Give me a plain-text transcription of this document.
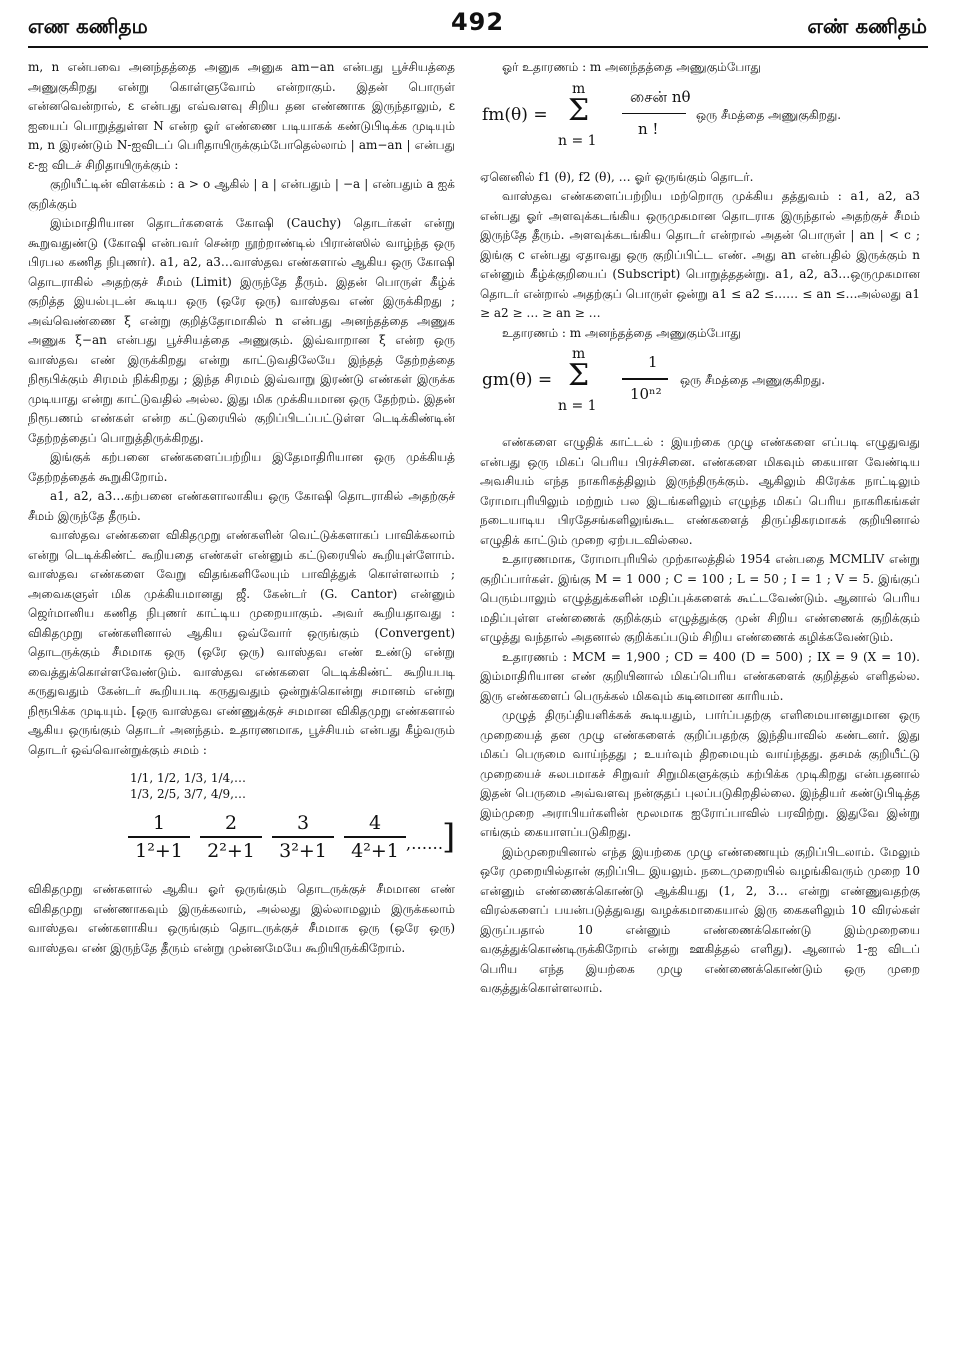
எண கணிதம	492	எண் கணிதம்

m, n என்பவை அனந்தத்தை அனுக அனுக am−an என்பது பூச்சியத்தை அணுகுகிறது என்று கொள்ளுவோம் என்றாகும். இதன் பொருள் என்னவென்றால், ε என்பது எவ்வளவு சிறிய தன எண்ணாக இருந்தாலும், ε ஐயைப் பொறுத்துள்ள N என்ற ஓர் எண்ணை படியாகக் கண்டுபிடிக்க முடியும் m, n இரண்டும் N-ஐவிடப் பெரிதாயிருக்கும்போதெல்லாம் | am−an | என்பது ε-ஐ விடச் சிறிதாயிருக்கும் :

குறியீட்டின் விளக்கம் : a > o ஆகில் | a | என்பதும் | −a | என்பதும் a ஐக் குறிக்கும்

இம்மாதிரியான தொடர்களைக் கோஷி (Cauchy) தொடர்கள் என்று கூறுவதுண்டு (கோஷி என்பவர் சென்ற நூற்றாண்டில் பிரான்ஸில் வாழ்ந்த ஒரு பிரபல கணித நிபுணர்). a1, a2, a3…வாஸ்தவ எண்களால் ஆகிய ஒரு கோஷி தொடராகில் அதற்குச் சீமம் (Limit) இருந்தே தீரும். இதன் பொருள் கீழ்க் குறித்த இயல்புடன் கூடிய ஒரு (ஒரே ஒரு) வாஸ்தவ எண் இருக்கிறது ; அவ்வெண்ணை ξ என்று குறித்தோமாகில் n என்பது அனந்தத்தை அணுக அணுக ξ−an என்பது பூச்சியத்தை அணுகும். இவ்வாறான ξ என்ற ஒரு வாஸ்தவ எண் இருக்கிறது என்று காட்டுவதிலேயே இந்தத் தேற்றத்தை நிரூபிக்கும் சிரமம் நிக்கிறது ; இந்த சிரமம் இவ்வாறு இரண்டு எண்கள் இருக்க முடியாது என்று காட்டுவதில் அல்ல. இது மிக முக்கியமான ஒரு தேற்றம். இதன் நிரூபணம் எண்கள் என்ற கட்டுரையில் குறிப்பிடப்பட்டுள்ள டெடிக்கிண்டின் தேற்றத்தைப் பொறுத்திருக்கிறது.

இங்குக் கற்பனை எண்களைப்பற்றிய இதேமாதிரியான ஒரு முக்கியத் தேற்றத்தைக் கூறுகிறோம்.

a1, a2, a3…கற்பனை எண்களாலாகிய ஒரு கோஷி தொடராகில் அதற்குச் சீமம் இருந்தே தீரும்.

வாஸ்தவ எண்களை விகிதமுறு எண்களின் வெட்டுக்களாகப் பாவிக்கலாம் என்று டெடிக்கிண்ட் கூறியதை எண்கள் என்னும் கட்டுரையில் கூறியுள்ளோம். வாஸ்தவ எண்களை வேறு விதங்களிலேயும் பாவித்துக் கொள்ளலாம் ; அவைகளுள் மிக முக்கியமானது ஜீ. கேன்டர் (G. Cantor) என்னும் ஜெர்மானிய கணித நிபுணர் காட்டிய முறையாகும். அவர் கூறியதாவது : விகிதமுறு எண்களினால் ஆகிய ஒவ்வோர் ஒருங்கும் (Convergent) தொடருக்கும் சீமமாக ஒரு (ஒரே ஒரு) வாஸ்தவ எண் உண்டு என்று வைத்துக்கொள்ளவேண்டும். வாஸ்தவ எண்களை டெடிக்கிண்ட் கூறியபடி கருதுவதும் கேன்டர் கூறியபடி கருதுவதும் ஒன்றுக்கொன்று சமானம் என்று நிரூபிக்க முடியும். [ஒரு வாஸ்தவ எண்ணுக்குச் சமமான விகிதமுறு எண்களால் ஆகிய ஒருங்கும் தொடர் அனந்தம். உதாரணமாக, பூச்சியம் என்பது கீழ்வரும் தொடர் ஒவ்வொன்றுக்கும் சமம் :

1/1, 1/2, 1/3, 1/4,…
1/3, 2/5, 3/7, 4/9,…
1
1²+1
2
2²+1
3
3²+1
4
4²+1 ,……
]

விகிதமுறு எண்களால் ஆகிய ஓர் ஒருங்கும் தொடருக்குச் சீமமான எண் விகிதமுறு எண்ணாகவும் இருக்கலாம், அல்லது இல்லாமலும் இருக்கலாம் வாஸ்தவ எண்களாகிய ஒருங்கும் தொடருக்குச் சீமமாக ஒரு (ஒரே ஒரு) வாஸ்தவ எண் இருந்தே தீரும் என்று முன்னமேயே கூறியிருக்கிறோம்.

ஓர் உதாரணம் : m அனந்தத்தை அணுகும்போது

fm(θ) =
m
Σ
n = 1
சைன் nθ
n !
ஒரு சீமத்தை அணுகுகிறது.

ஏனெனில் f1 (θ), f2 (θ), … ஓர் ஒருங்கும் தொடர்.

வாஸ்தவ எண்களைப்பற்றிய மற்றொரு முக்கிய தத்துவம் : a1, a2, a3 என்பது ஓர் அளவுக்கடங்கிய ஒருமுகமான தொடராக இருந்தால் அதற்குச் சீமம் இருந்தே தீரும். அளவுக்கடங்கிய தொடர் என்றால் அதன் பொருள் | an | < c ; இங்கு c என்பது ஏதாவது ஒரு குறிப்பிட்ட எண். அது an என்பதில் இருக்கும் n என்னும் கீழ்க்குறியைப் (Subscript) பொறுத்ததன்று. a1, a2, a3…ஒருமுகமான தொடர் என்றால் அதற்குப் பொருள் ஒன்று a1 ≤ a2 ≤…… ≤ an ≤…அல்லது a1 ≥ a2 ≥ … ≥ an ≥ …

உதாரணம் : m அனந்தத்தை அணுகும்போது

gm(θ) =
m
Σ
n = 1
1
10ⁿ²
ஒரு சீமத்தை அணுகுகிறது.

எண்களை எழுதிக் காட்டல் : இயற்கை முழு எண்களை எப்படி எழுதுவது என்பது ஒரு மிகப் பெரிய பிரச்சினை. எண்களை மிகவும் கையாள வேண்டிய அவசியம் எந்த நாகரிகத்திலும் இருந்திருக்கும். ஆகிலும் கிரேக்க நாட்டிலும் ரோமாபுரியிலும் மற்றும் பல இடங்களிலும் எழுந்த மிகப் பெரிய நாகரிகங்கள் நடையாடிய பிரதேசங்களிலுங்கூட எண்களைத் திருப்திகரமாகக் குறியினால் எழுதிக் காட்டும் முறை ஏற்படவில்லை.

உதாரணமாக, ரோமாபுரியில் முற்காலத்தில் 1954 என்பதை MCMLIV என்று குறிப்பார்கள். இங்கு M = 1 000 ; C = 100 ; L = 50 ; I = 1 ; V = 5. இங்குப் பெரும்பாலும் எழுத்துக்களின் மதிப்புக்களைக் கூட்டவேண்டும். ஆனால் பெரிய மதிப்புள்ள எண்ணைக் குறிக்கும் எழுத்துக்கு முன் சிறிய எண்ணைக் குறிக்கும் எழுத்து வந்தால் அதனால் குறிக்கப்படும் சிறிய எண்ணைக் கழிக்கவேண்டும்.

உதாரணம் : MCM = 1,900 ; CD = 400 (D = 500) ; IX = 9 (X = 10). இம்மாதிரியான எண் குறியினால் மிகப்பெரிய எண்களைக் குறித்தல் எளிதல்ல. இரு எண்களைப் பெருக்கல் மிகவும் கடினமான காரியம்.

முழுத் திருப்தியளிக்கக் கூடியதும், பார்ப்பதற்கு எளிமையானதுமான ஒரு முறையைத் தன முழு எண்களைக் குறிப்பதற்கு இந்தியாவில் கண்டனர். இது மிகப் பெருமை வாய்ந்தது ; உயர்வும் திறமையும் வாய்ந்தது. தசமக் குறியீட்டு முறையைச் சுலபமாகச் சிறுவர் சிறுமிகளுக்கும் கற்பிக்க முடிகிறது என்பதனால் இதன் பெருமை அவ்வளவு நன்குதப் புலப்படுகிறதில்லை. இந்தியர் கண்டுபிடித்த இம்முறை அராபியர்களின் மூலமாக ஐரோப்பாவில் பரவிற்று. இதுவே இன்று எங்கும் கையாளப்படுகிறது.

இம்முறையினால் எந்த இயற்கை முழு எண்ணையும் குறிப்பிடலாம். மேலும் ஒரே முறையில்தான் குறிப்பிட இயலும். நடைமுறையில் வழங்கிவரும் முறை 10 என்னும் எண்ணைக்கொண்டு ஆக்கியது (1, 2, 3… என்று எண்ணுவதற்கு விரல்களைப் பயன்படுத்துவது வழக்கமாகையால் இரு கைகளிலும் 10 விரல்கள் இருப்பதால் 10 என்னும் எண்ணைக்கொண்டு இம்முறையை வகுத்துக்கொண்டிருக்கிறோம் என்று ஊகித்தல் எளிது). ஆனால் 1-ஐ விடப் பெரிய எந்த இயற்கை முழு எண்ணைக்கொண்டும் ஒரு முறை வகுத்துக்கொள்ளலாம்.
